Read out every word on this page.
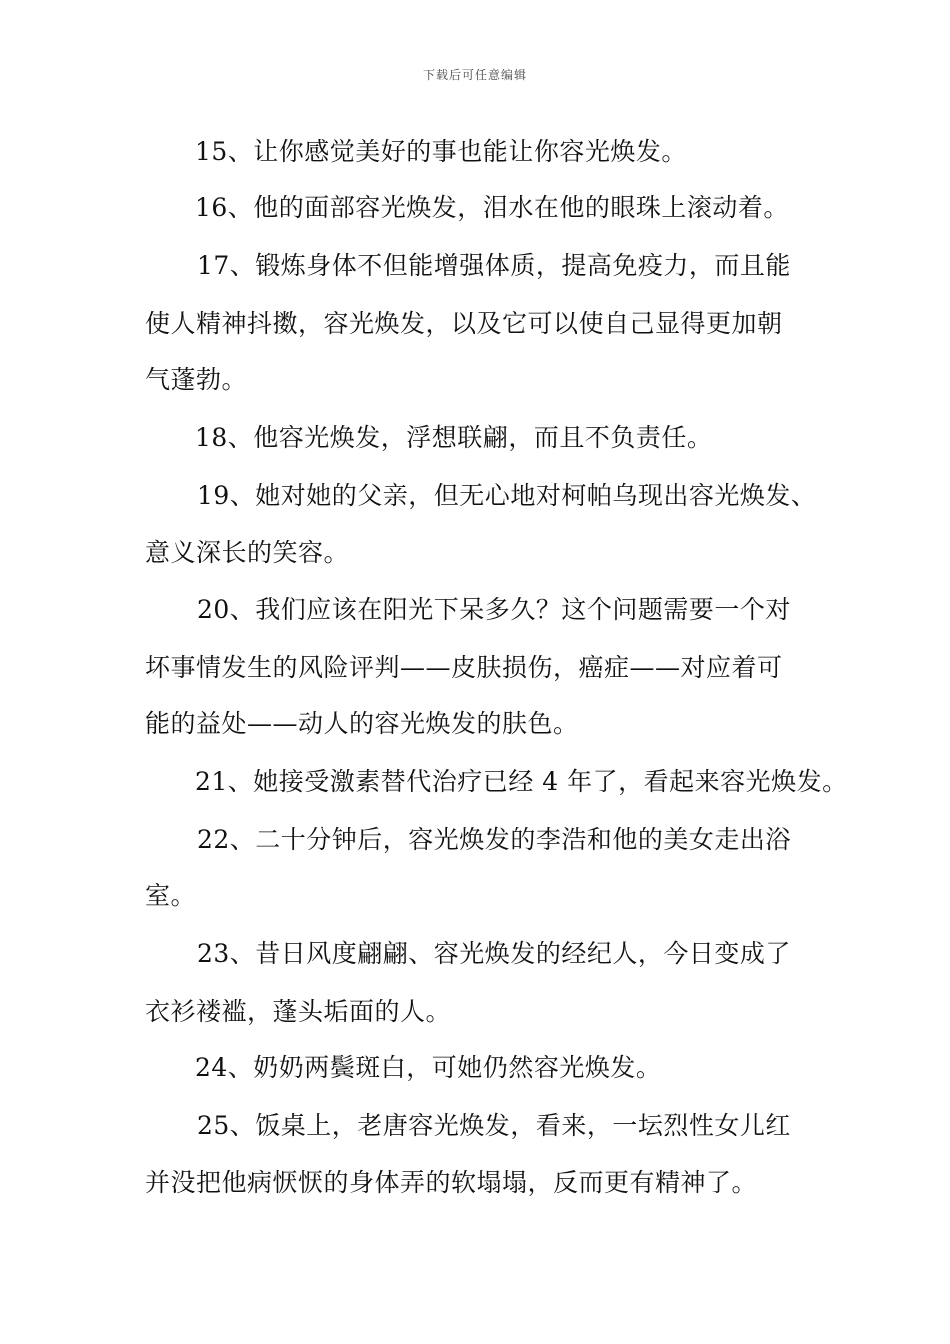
下载后可任意编辑
15、让你感觉美好的事也能让你容光焕发。
16、他的面部容光焕发，泪水在他的眼珠上滚动着。
17、锻炼身体不但能增强体质，提高免疫力，而且能
使人精神抖擞，容光焕发，以及它可以使自己显得更加朝
气蓬勃。
18、他容光焕发，浮想联翩，而且不负责任。
19、她对她的父亲，但无心地对柯帕乌现出容光焕发、
意义深长的笑容。
20、我们应该在阳光下呆多久？这个问题需要一个对
坏事情发生的风险评判——皮肤损伤，癌症——对应着可
能的益处——动人的容光焕发的肤色。
21、她接受激素替代治疗已经 4 年了，看起来容光焕发。
22、二十分钟后，容光焕发的李浩和他的美女走出浴
室。
23、昔日风度翩翩、容光焕发的经纪人，今日变成了
衣衫褛褴，蓬头垢面的人。
24、奶奶两鬓斑白，可她仍然容光焕发。
25、饭桌上，老唐容光焕发，看来，一坛烈性女儿红
并没把他病恹恹的身体弄的软塌塌，反而更有精神了。
